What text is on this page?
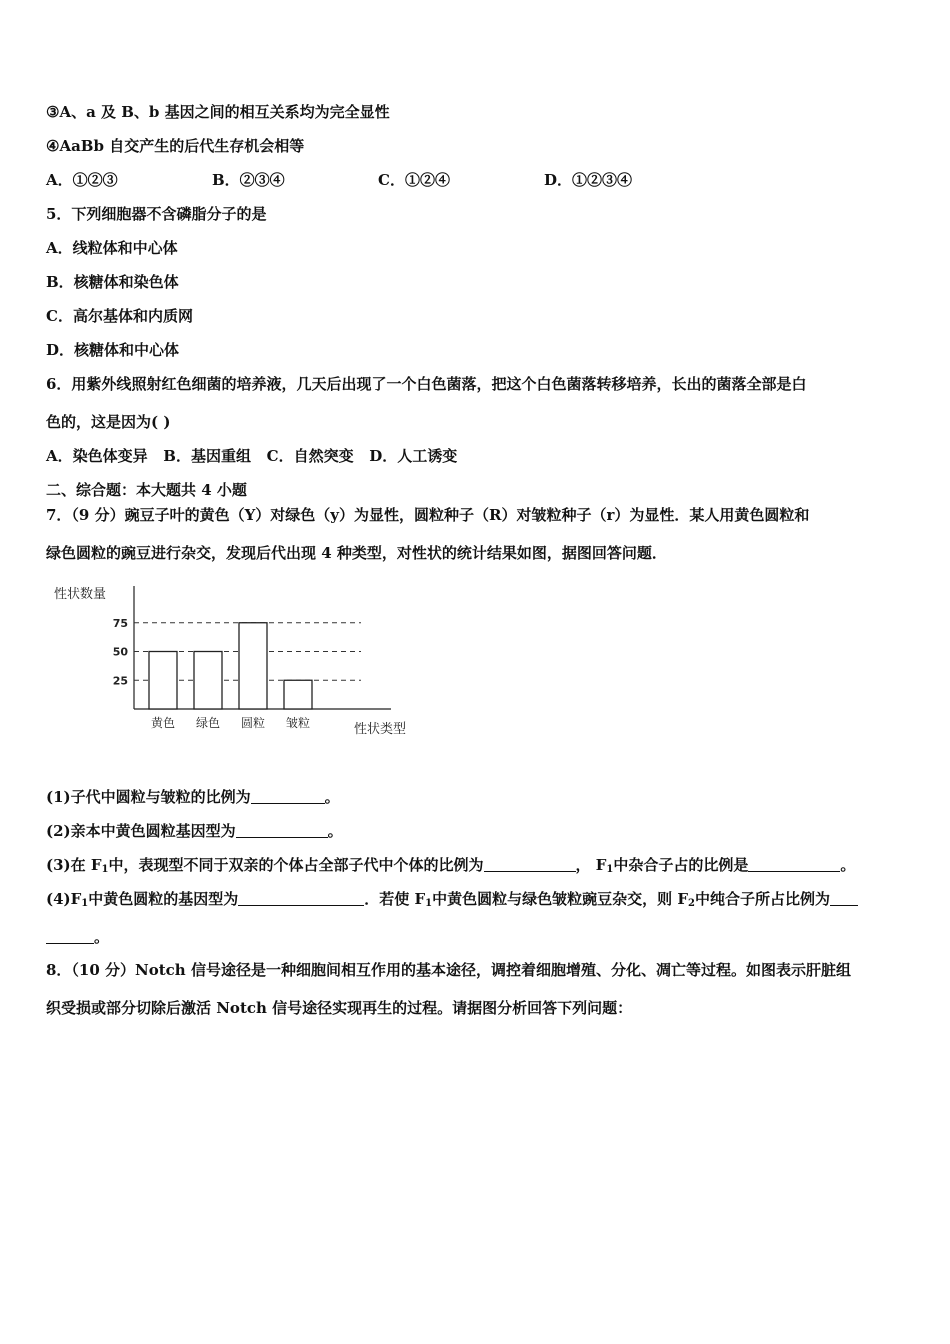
③A、a 及 B、b 基因之间的相互关系均为完全显性
④AaBb 自交产生的后代生存机会相等
A．①②③	B．②③④	C．①②④	D．①②③④
5．下列细胞器不含磷脂分子的是
A．线粒体和中心体
B．核糖体和染色体
C．高尔基体和内质网
D．核糖体和中心体
6．用紫外线照射红色细菌的培养液，几天后出现了一个白色菌落，把这个白色菌落转移培养，长出的菌落全部是白
色的，这是因为( )
A．染色体变异   B．基因重组   C．自然突变   D．人工诱变
二、综合题：本大题共 4 小题
7．（9 分）豌豆子叶的黄色（Y）对绿色（y）为显性，圆粒种子（R）对皱粒种子（r）为显性．某人用黄色圆粒和
绿色圆粒的豌豆进行杂交，发现后代出现 4 种类型，对性状的统计结果如图，据图回答问题．
性状数量
25
50
75
黄色 绿色 圆粒 皱粒	性状类型
(1)子代中圆粒与皱粒的比例为	。
(2)亲本中黄色圆粒基因型为	。
(3)在 $F_1$中，表现型不同于双亲的个体占全部子代中个体的比例为	， $F_1$中杂合子占的比例是	。
$(4)F_1$中黄色圆粒的基因型为	．若使 $F_1$中黄色圆粒与绿色皱粒豌豆杂交，则 $F_2$中纯合子所占比例为
。
8．（10 分）Notch 信号途径是一种细胞间相互作用的基本途径，调控着细胞增殖、分化、凋亡等过程。如图表示肝脏组
织受损或部分切除后激活 Notch 信号途径实现再生的过程。请据图分析回答下列问题：
